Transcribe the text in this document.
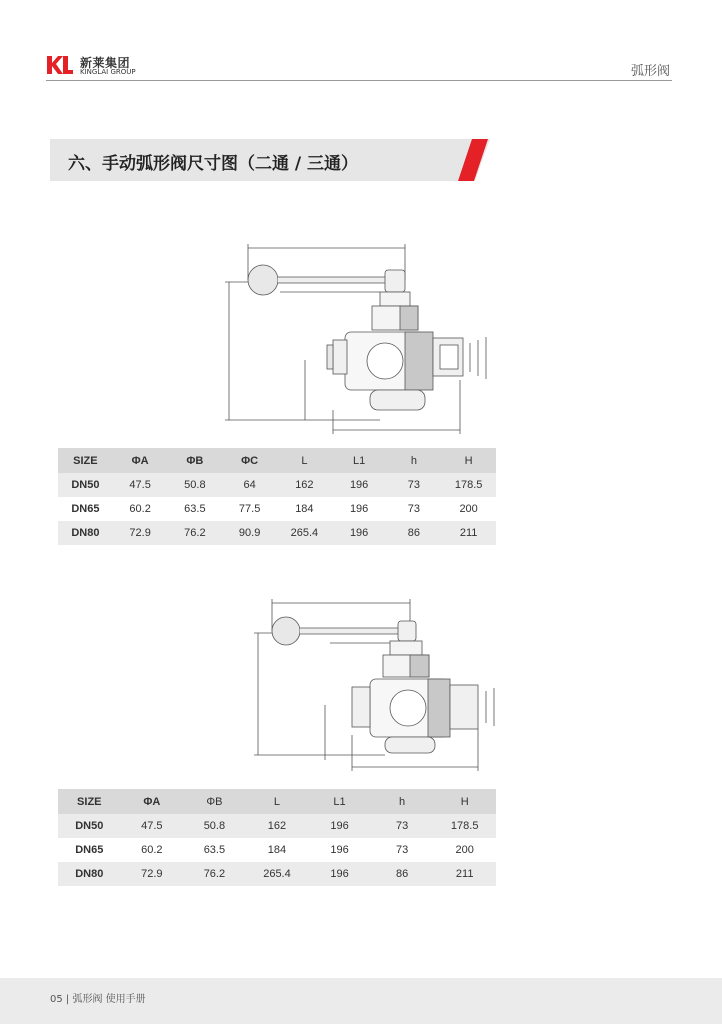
新莱集团
KINGLAI GROUP	弧形阀
六、手动弧形阀尺寸图（二通 / 三通）
SIZE	ΦA	ΦB	ΦC	L	L1	h	H
DN50	47.5	50.8	64	162	196	73	178.5
DN65	60.2	63.5	77.5	184	196	73	200
DN80	72.9	76.2	90.9	265.4	196	86	211
SIZE	ΦA	ΦB	L	L1	h	H
DN50	47.5	50.8	162	196	73	178.5
DN65	60.2	63.5	184	196	73	200
DN80	72.9	76.2	265.4	196	86	211
05 | 弧形阀 使用手册
